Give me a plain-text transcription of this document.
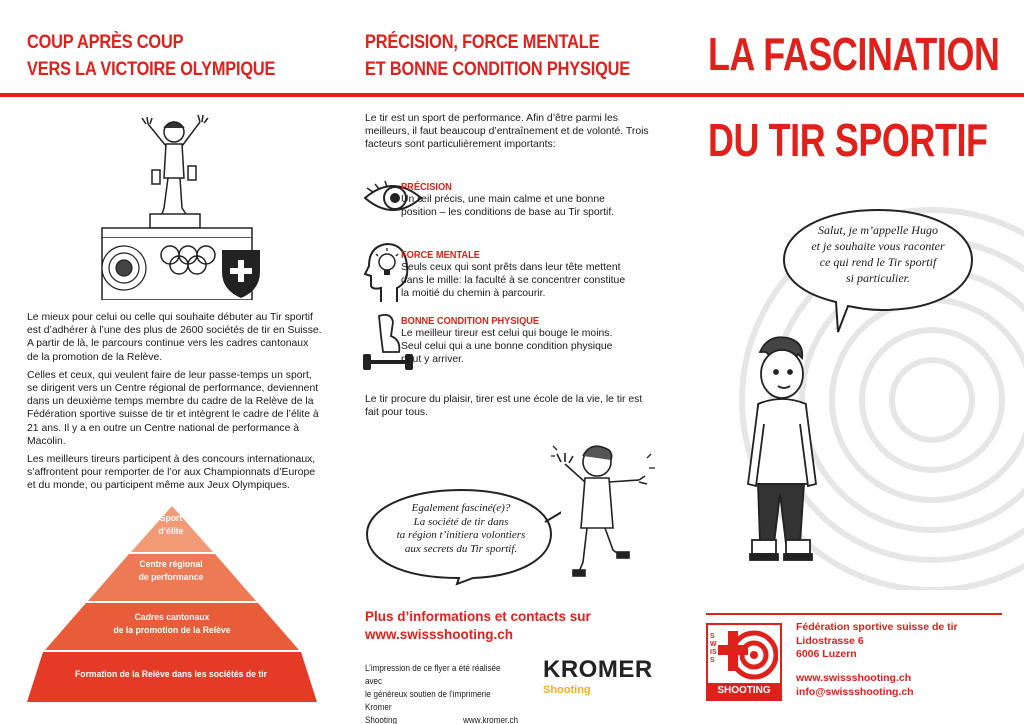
COUP APRÈS COUP
VERS LA VICTOIRE OLYMPIQUE

Le mieux pour celui ou celle qui souhaite débuter au Tir sportif est d’adhérer à l’une des plus de 2600 sociétés de tir en Suisse. A partir de là, le parcours continue vers les cadres cantonaux de la promotion de la Relève.

Celles et ceux, qui veulent faire de leur passe-temps un sport, se dirigent vers un Centre régional de performance, deviennent dans un deuxième temps membre du cadre de la Relève de la Fédération sportive suisse de tir et intègrent le cadre de l’élite à 21 ans. Il y a en outre un Centre national de performance à Macolin.

Les meilleurs tireurs participent à des concours internationaux, s’affrontent pour remporter de l’or aux Championnats d’Europe et du monde, ou participent même aux Jeux Olympiques.

Sport
d’élite
Centre régional
de performance
Cadres cantonaux
de la promotion de la Relève
Formation de la Relève dans les sociétés de tir
PRÉCISION, FORCE MENTALE
ET BONNE CONDITION PHYSIQUE
Le tir est un sport de performance. Afin d’être parmi les meilleurs, il faut beaucoup d’entraînement et de volonté. Trois facteurs sont particulièrement importants:
PRÉCISION
Un œil précis, une main calme et une bonne position – les conditions de base au Tir sportif.
FORCE MENTALE
Seuls ceux qui sont prêts dans leur tête mettent dans le mille: la faculté à se concentrer constitue la moitié du chemin à parcourir.
BONNE CONDITION PHYSIQUE
Le meilleur tireur est celui qui bouge le moins. Seul celui qui a une bonne condition physique peut y arriver.
Le tir procure du plaisir, tirer est une école de la vie, le tir est fait pour tous.
Egalement fasciné(e)?
La société de tir dans
ta région t’initiera volontiers
aux secrets du Tir sportif.
Plus d’informations et contacts sur
www.swissshooting.ch
L’impression de ce flyer a été réalisée avec
le généreux soutien de l’imprimerie Kromer
Shooting	www.kromer.ch
KROMER
Shooting
LA FASCINATION
DU TIR SPORTIF
Salut, je m’appelle Hugo
et je souhaite vous raconter
ce qui rend le Tir sportif
si particulier.
SWISS
SHOOTING
Fédération sportive suisse de tir
Lidostrasse 6
6006 Luzern
www.swissshooting.ch
info@swissshooting.ch
